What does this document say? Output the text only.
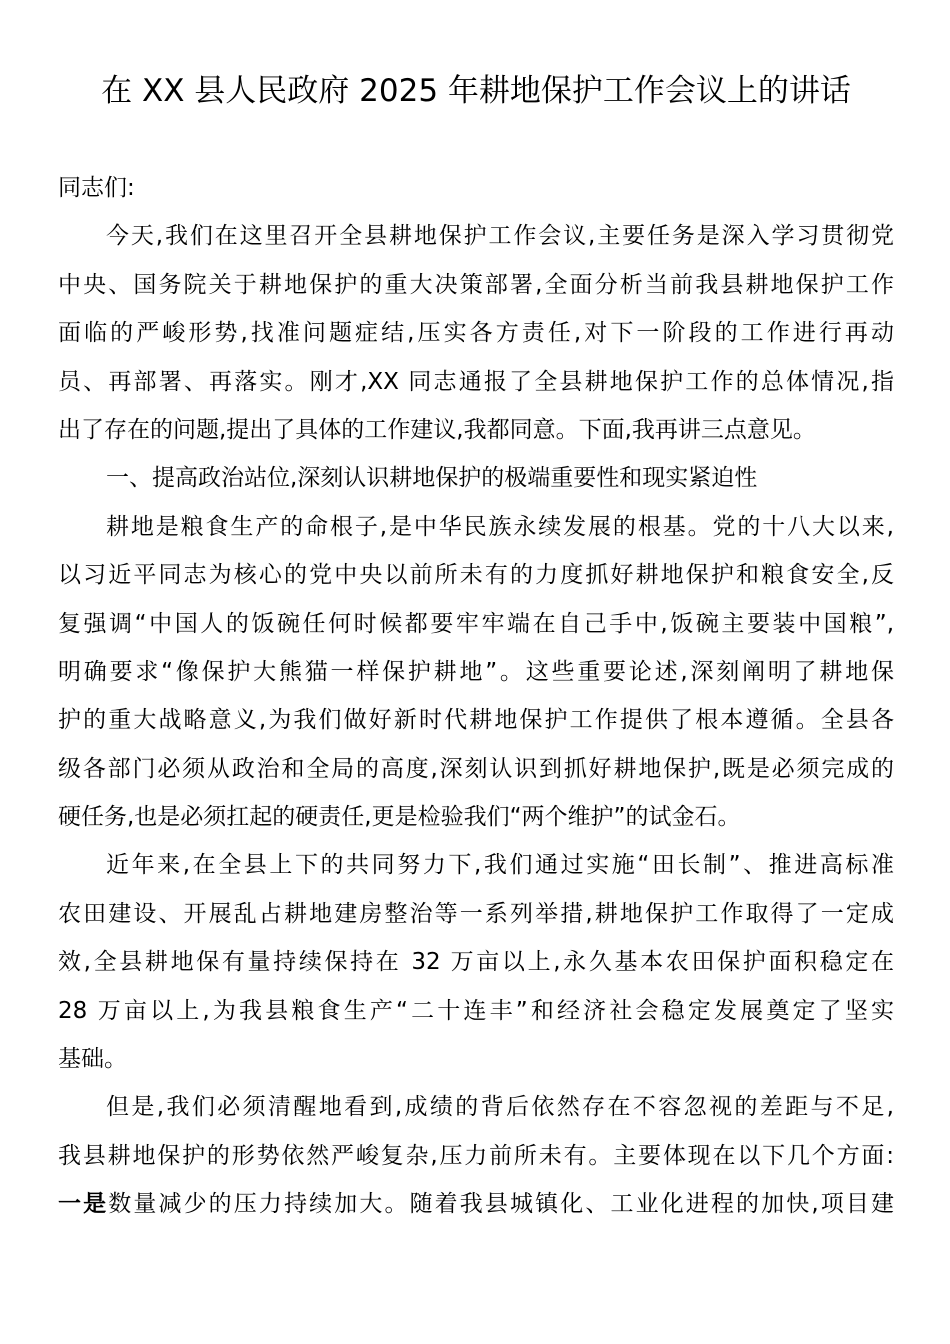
在 XX 县人民政府 2025 年耕地保护工作会议上的讲话
同志们:
今天,我们在这里召开全县耕地保护工作会议,主要任务是深入学习贯彻党
中央、国务院关于耕地保护的重大决策部署,全面分析当前我县耕地保护工作
面临的严峻形势,找准问题症结,压实各方责任,对下一阶段的工作进行再动
员、再部署、再落实。刚才,XX 同志通报了全县耕地保护工作的总体情况,指
出了存在的问题,提出了具体的工作建议,我都同意。下面,我再讲三点意见。
一、提高政治站位,深刻认识耕地保护的极端重要性和现实紧迫性
耕地是粮食生产的命根子,是中华民族永续发展的根基。党的十八大以来,
以习近平同志为核心的党中央以前所未有的力度抓好耕地保护和粮食安全,反
复强调“中国人的饭碗任何时候都要牢牢端在自己手中,饭碗主要装中国粮”,
明确要求“像保护大熊猫一样保护耕地”。这些重要论述,深刻阐明了耕地保
护的重大战略意义,为我们做好新时代耕地保护工作提供了根本遵循。全县各
级各部门必须从政治和全局的高度,深刻认识到抓好耕地保护,既是必须完成的
硬任务,也是必须扛起的硬责任,更是检验我们“两个维护”的试金石。
近年来,在全县上下的共同努力下,我们通过实施“田长制”、推进高标准
农田建设、开展乱占耕地建房整治等一系列举措,耕地保护工作取得了一定成
效,全县耕地保有量持续保持在 32 万亩以上,永久基本农田保护面积稳定在
28 万亩以上,为我县粮食生产“二十连丰”和经济社会稳定发展奠定了坚实
基础。
但是,我们必须清醒地看到,成绩的背后依然存在不容忽视的差距与不足,
我县耕地保护的形势依然严峻复杂,压力前所未有。主要体现在以下几个方面:
一是数量减少的压力持续加大。随着我县城镇化、工业化进程的加快,项目建
